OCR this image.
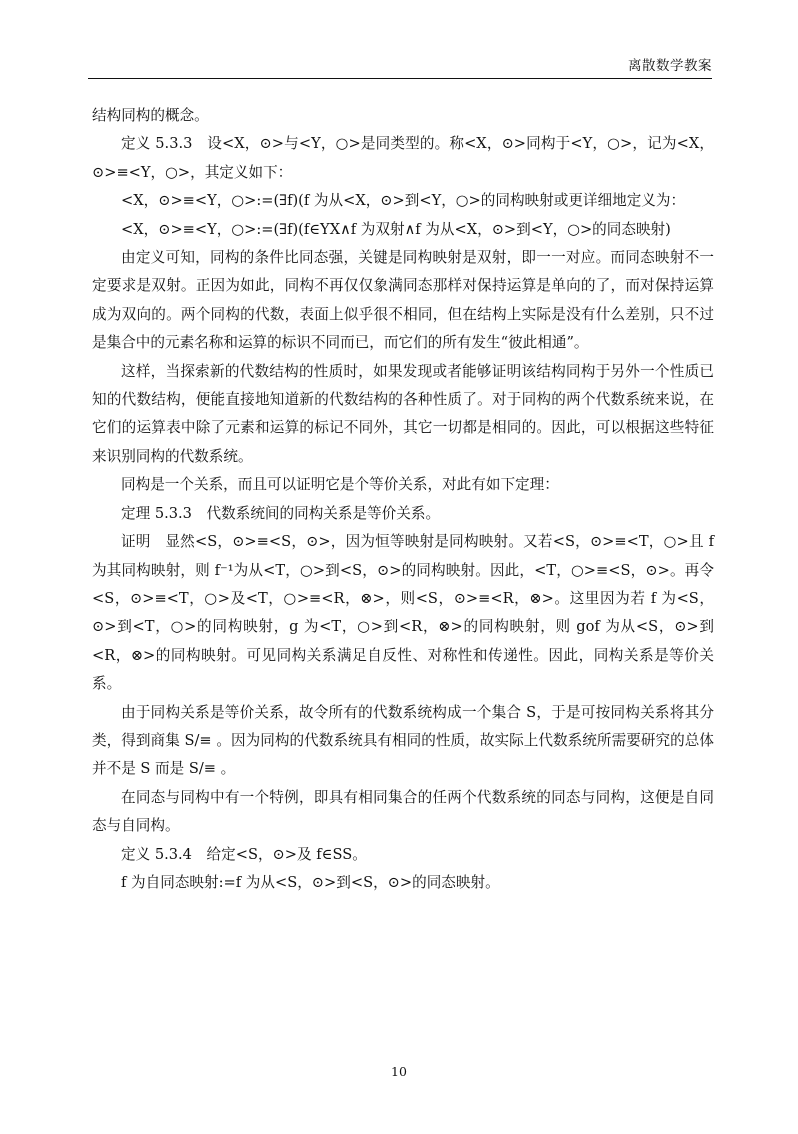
离散数学教案

结构同构的概念。

定义 5.3.3　设<X，⊙>与<Y，○>是同类型的。称<X，⊙>同构于<Y，○>，记为<X，⊙>≡<Y，○>，其定义如下：

<X，⊙>≡<Y，○>:=(∃f)(f 为从<X，⊙>到<Y，○>的同构映射或更详细地定义为：

<X，⊙>≡<Y，○>:=(∃f)(f∈YX∧f 为双射∧f 为从<X，⊙>到<Y，○>的同态映射)

由定义可知，同构的条件比同态强，关键是同构映射是双射，即一一对应。而同态映射不一定要求是双射。正因为如此，同构不再仅仅象满同态那样对保持运算是单向的了，而对保持运算成为双向的。两个同构的代数，表面上似乎很不相同，但在结构上实际是没有什么差别，只不过是集合中的元素名称和运算的标识不同而已，而它们的所有发生“彼此相通”。

这样，当探索新的代数结构的性质时，如果发现或者能够证明该结构同构于另外一个性质已知的代数结构，便能直接地知道新的代数结构的各种性质了。对于同构的两个代数系统来说，在它们的运算表中除了元素和运算的标记不同外，其它一切都是相同的。因此，可以根据这些特征来识别同构的代数系统。

同构是一个关系，而且可以证明它是个等价关系，对此有如下定理：

定理 5.3.3　代数系统间的同构关系是等价关系。

证明　显然<S，⊙>≡<S，⊙>，因为恒等映射是同构映射。又若<S，⊙>≡<T，○>且 f 为其同构映射，则 f⁻¹为从<T，○>到<S，⊙>的同构映射。因此，<T，○>≡<S，⊙>。再令<S，⊙>≡<T，○>及<T，○>≡<R，⊗>，则<S，⊙>≡<R，⊗>。这里因为若 f 为<S，⊙>到<T，○>的同构映射，g 为<T，○>到<R，⊗>的同构映射，则 gof 为从<S，⊙>到<R，⊗>的同构映射。可见同构关系满足自反性、对称性和传递性。因此，同构关系是等价关系。

由于同构关系是等价关系，故令所有的代数系统构成一个集合 S，于是可按同构关系将其分类，得到商集 S/≡ 。因为同构的代数系统具有相同的性质，故实际上代数系统所需要研究的总体并不是 S 而是 S/≡ 。

在同态与同构中有一个特例，即具有相同集合的任两个代数系统的同态与同构，这便是自同态与自同构。

定义 5.3.4　给定<S，⊙>及 f∈SS。

f 为自同态映射:=f 为从<S，⊙>到<S，⊙>的同态映射。

10
